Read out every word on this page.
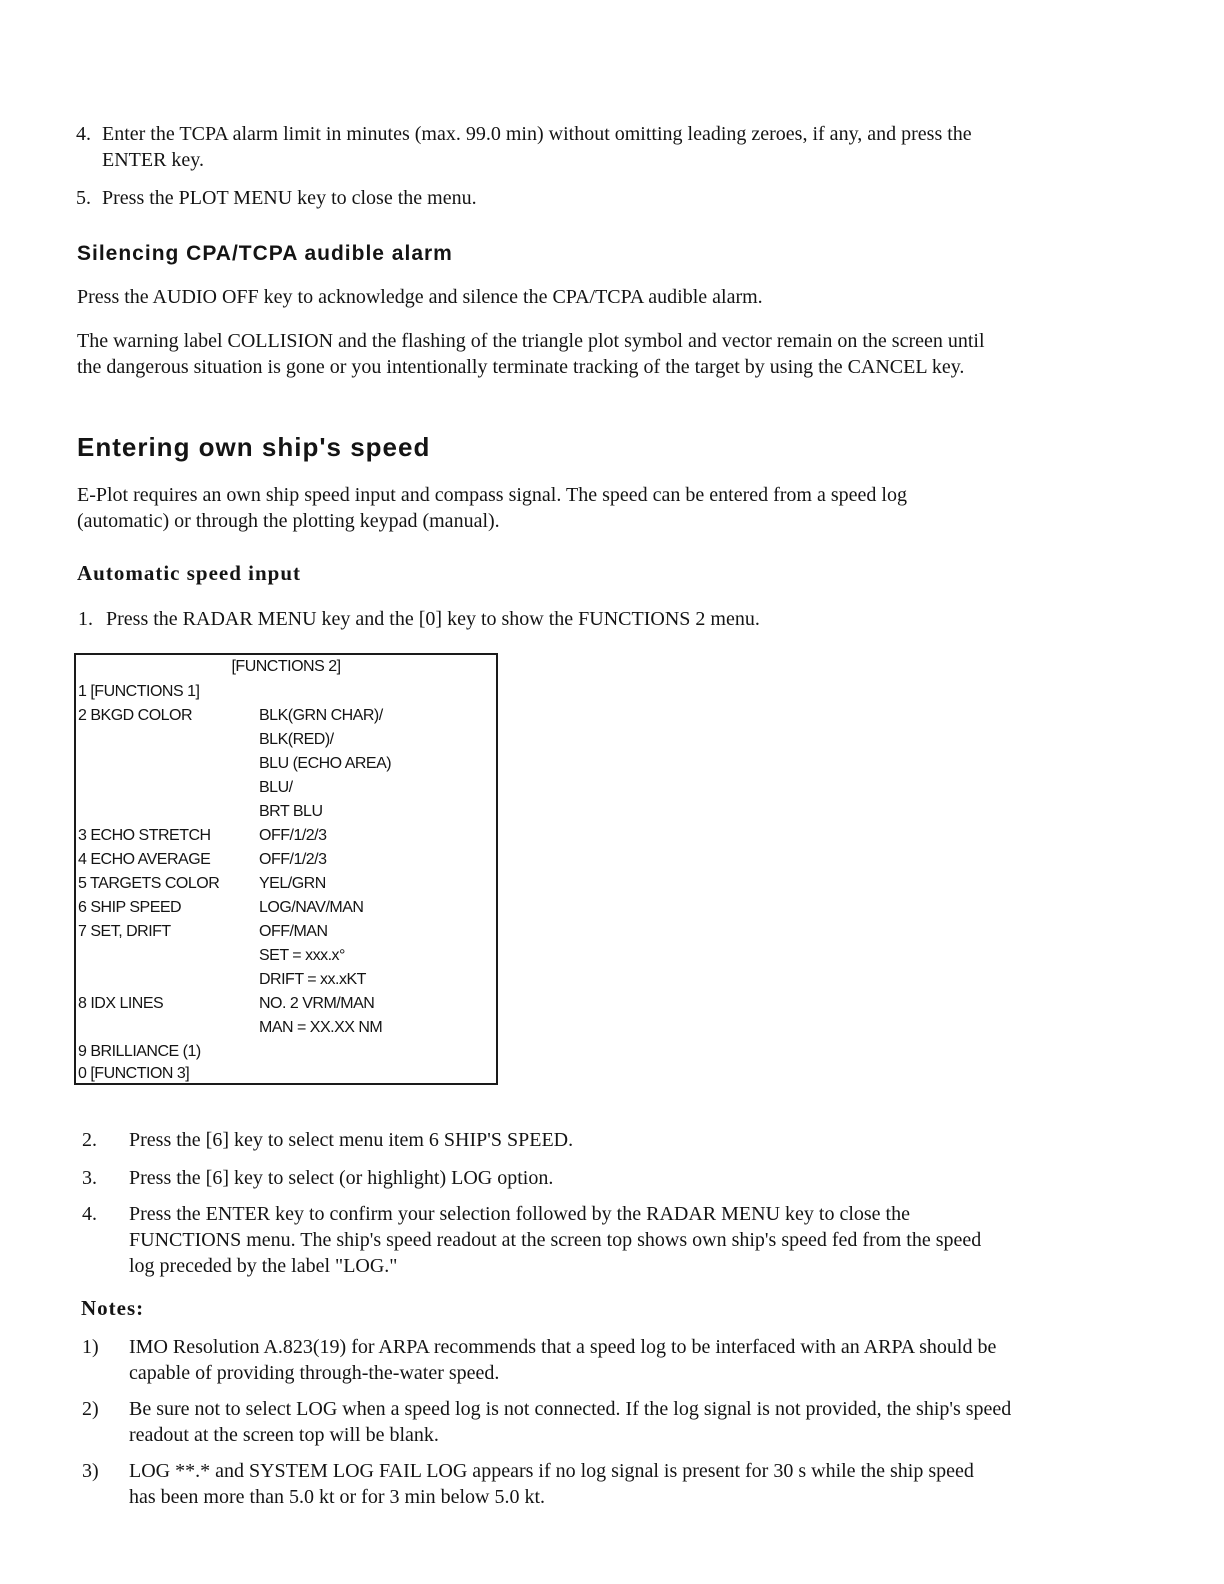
4. Enter the TCPA alarm limit in minutes (max. 99.0 min) without omitting leading zeroes, if any, and press the ENTER key.
5. Press the PLOT MENU key to close the menu.
Silencing CPA/TCPA audible alarm

Press the AUDIO OFF key to acknowledge and silence the CPA/TCPA audible alarm.

The warning label COLLISION and the flashing of the triangle plot symbol and vector remain on the screen until the dangerous situation is gone or you intentionally terminate tracking of the target by using the CANCEL key.

Entering own ship's speed

E-Plot requires an own ship speed input and compass signal. The speed can be entered from a speed log (automatic) or through the plotting keypad (manual).

Automatic speed input
1. Press the RADAR MENU key and the [0] key to show the FUNCTIONS 2 menu.
[FUNCTIONS 2]
1 [FUNCTIONS 1]
2 BKGD COLOR	BLK(GRN CHAR)/
BLK(RED)/
BLU (ECHO AREA)
BLU/
BRT BLU
3 ECHO STRETCH	OFF/1/2/3
4 ECHO AVERAGE	OFF/1/2/3
5 TARGETS COLOR YEL/GRN
6 SHIP SPEED	LOG/NAV/MAN
7 SET, DRIFT	OFF/MAN
SET = xxx.x°
DRIFT = xx.xKT
8 IDX LINES	NO. 2 VRM/MAN
MAN = XX.XX NM
9 BRILLIANCE (1)
0 [FUNCTION 3]
2. Press the [6] key to select menu item 6 SHIP'S SPEED.
3. Press the [6] key to select (or highlight) LOG option.
4. Press the ENTER key to confirm your selection followed by the RADAR MENU key to close the FUNCTIONS menu. The ship's speed readout at the screen top shows own ship's speed fed from the speed log preceded by the label "LOG."
Notes:
1) IMO Resolution A.823(19) for ARPA recommends that a speed log to be interfaced with an ARPA should be capable of providing through-the-water speed.
2) Be sure not to select LOG when a speed log is not connected. If the log signal is not provided, the ship's speed readout at the screen top will be blank.
3) LOG **.* and SYSTEM LOG FAIL LOG appears if no log signal is present for 30 s while the ship speed has been more than 5.0 kt or for 3 min below 5.0 kt.
